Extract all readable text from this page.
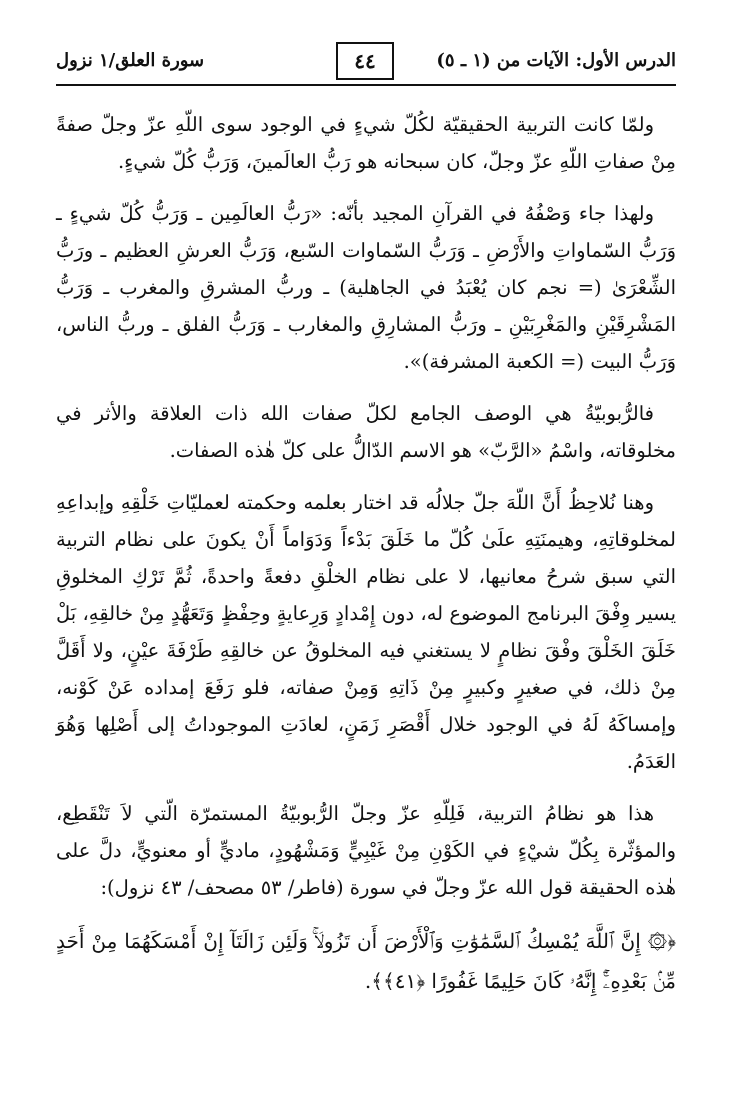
الدرس الأول: الآيات من (١ ـ ٥)
٤٤
سورة العلق/١ نزول

ولمّا كانت التربية الحقيقيّة لكُلّ شيءٍ في الوجود سوى اللّهِ عزّ وجلّ صفةً مِنْ صفاتِ اللّهِ عزّ وجلّ، كان سبحانه هو رَبُّ العالَمينَ، وَرَبُّ كُلّ شيءٍ.

ولهذا جاء وَصْفُهُ في القرآنِ المجيد بأنّه: «رَبُّ العالَمِين ـ وَرَبُّ كُلّ شيءٍ ـ وَرَبُّ السّماواتِ والأَرْضِ ـ وَرَبُّ السّماوات السّبع، وَرَبُّ العرشِ العظيم ـ ورَبُّ الشِّعْرَىٰ (= نجم كان يُعْبَدُ في الجاهلية) ـ وربُّ المشرقِ والمغرب ـ وَرَبُّ المَشْرِقَيْنِ والمَغْرِبَيْنِ ـ ورَبُّ المشارِقِ والمغارب ـ وَرَبُّ الفلق ـ وربُّ الناس، وَرَبُّ البيت (= الكعبة المشرفة)».

فالرُّبوبيّةُ هي الوصف الجامع لكلّ صفات الله ذات العلاقة والأثر في مخلوقاته، واسْمُ «الرَّبّ» هو الاسم الدّالُّ على كلّ هٰذه الصفات.

وهنا نُلاحِظُ أَنَّ اللّهَ جلّ جلالُه قد اختار بعلمه وحكمته لعمليّاتِ خَلْقِهِ وإبداعِهِ لمخلوقاتِهِ، وهيمنَتِهِ علَىٰ كُلّ ما خَلَقَ بَدْءاً وَدَوَاماً أَنْ يكونَ على نظام التربية التي سبق شرحُ معانيها، لا على نظام الخلْقِ دفعةً واحدةً، ثُمَّ تَرْكِ المخلوقِ يسير وِفْقَ البرنامج الموضوع له، دون إِمْدادٍ وَرِعايةٍ وحِفْظٍ وَتَعَهُّدٍ مِنْ خالقِهِ، بَلْ خَلَقَ الخَلْقَ وفْقَ نظامٍ لا يستغني فيه المخلوقُ عن خالقِهِ طَرْفَةَ عيْنٍ، ولا أَقَلَّ مِنْ ذلك، في صغيرٍ وكبيرٍ مِنْ ذَاتِهِ وَمِنْ صفاته، فلو رَفَعَ إمداده عَنْ كَوْنه، وإمساكَهُ لَهُ في الوجود خلال أَقْصَرِ زَمَنٍ، لعادَتِ الموجوداتُ إلى أَصْلِها وَهُوَ العَدَمُ.

هذا هو نظامُ التربية، فَلِلّهِ عزّ وجلّ الرُّبوبيّةُ المستمرّة الّتي لاَ تَنْقَطِع، والمؤثّرة بِكُلّ شيْءٍ في الكَوْنِ مِنْ غَيْبِيٍّ وَمَشْهُودٍ، ماديٍّ أو معنويٍّ، دلَّ على هٰذه الحقيقة قول الله عزّ وجلّ في سورة (فاطر/ ٥٣ مصحف/ ٤٣ نزول):

﴿۞ إِنَّ ٱللَّهَ يُمْسِكُ ٱلسَّمَٰوَٰتِ وَٱلْأَرْضَ أَن تَزُولَاۚ وَلَئِن زَالَتَآ إِنْ أَمْسَكَهُمَا مِنْ أَحَدٍ مِّنۢ بَعْدِهِۦٓۚ إِنَّهُۥ كَانَ حَلِيمًا غَفُورًا ﴿٤١﴾﴾.
